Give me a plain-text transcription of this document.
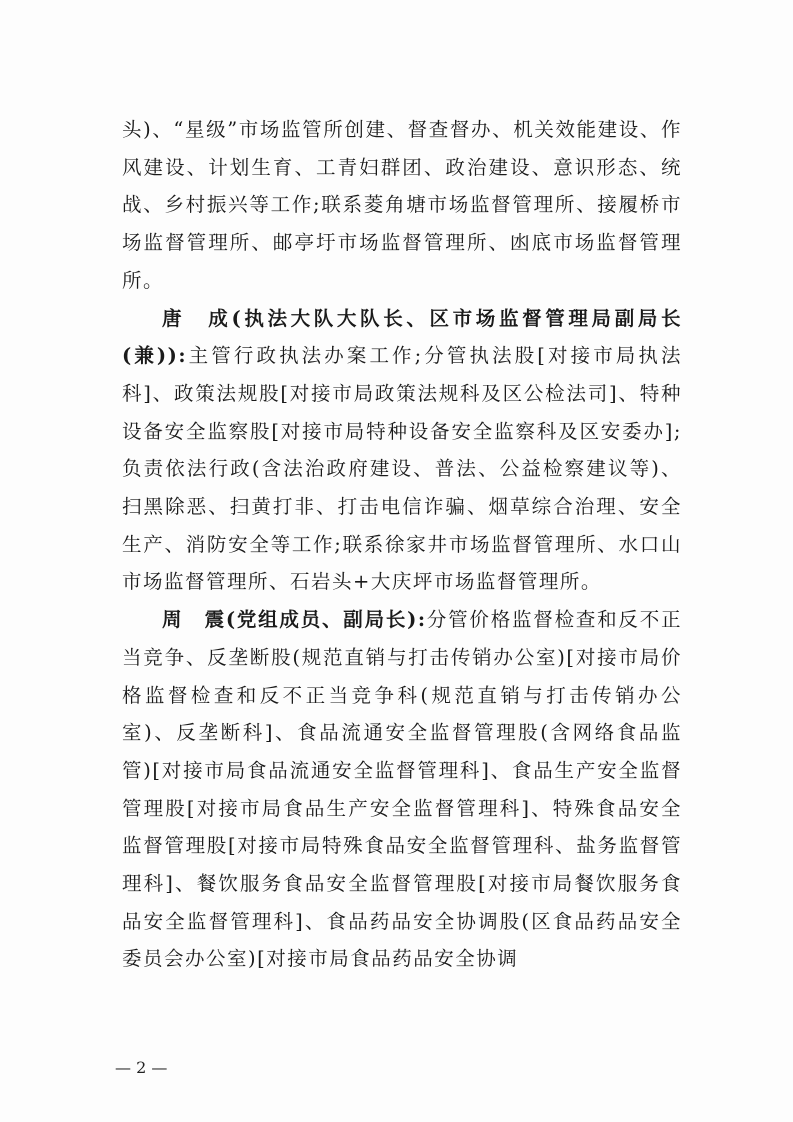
头)、“星级”市场监管所创建、督查督办、机关效能建设、作风建设、计划生育、工青妇群团、政治建设、意识形态、统战、乡村振兴等工作;联系菱角塘市场监督管理所、接履桥市场监督管理所、邮亭圩市场监督管理所、凼底市场监督管理所。

唐　成(执法大队大队长、区市场监督管理局副局长(兼)):主管行政执法办案工作;分管执法股[对接市局执法科]、政策法规股[对接市局政策法规科及区公检法司]、特种设备安全监察股[对接市局特种设备安全监察科及区安委办];负责依法行政(含法治政府建设、普法、公益检察建议等)、扫黑除恶、扫黄打非、打击电信诈骗、烟草综合治理、安全生产、消防安全等工作;联系徐家井市场监督管理所、水口山市场监督管理所、石岩头+大庆坪市场监督管理所。

周　震(党组成员、副局长):分管价格监督检查和反不正当竞争、反垄断股(规范直销与打击传销办公室)[对接市局价格监督检查和反不正当竞争科(规范直销与打击传销办公室)、反垄断科]、食品流通安全监督管理股(含网络食品监管)[对接市局食品流通安全监督管理科]、食品生产安全监督管理股[对接市局食品生产安全监督管理科]、特殊食品安全监督管理股[对接市局特殊食品安全监督管理科、盐务监督管理科]、餐饮服务食品安全监督管理股[对接市局餐饮服务食品安全监督管理科]、食品药品安全协调股(区食品药品安全委员会办公室)[对接市局食品药品安全协调

— 2 —
